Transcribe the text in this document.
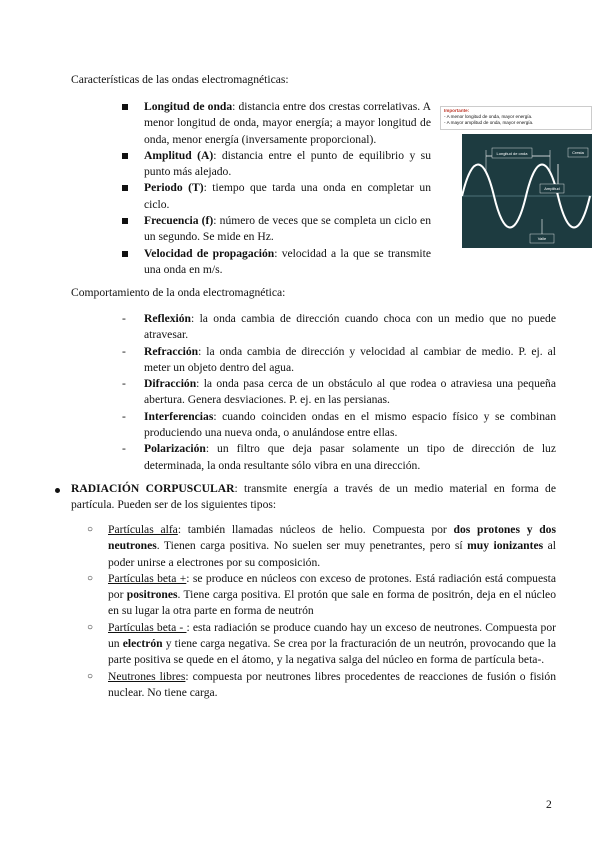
Características de las ondas electromagnéticas:

Longitud de onda: distancia entre dos crestas correlativas. A menor longitud de onda, mayor energía; a mayor longitud de onda, menor energía (inversamente proporcional).
Amplitud (A): distancia entre el punto de equilibrio y su punto más alejado.
Periodo (T): tiempo que tarda una onda en completar un ciclo.
Frecuencia (f): número de veces que se completa un ciclo en un segundo. Se mide en Hz.
Velocidad de propagación: velocidad a la que se transmite una onda en m/s.
Importante:
- A menor longitud de onda, mayor energía.
- A mayor amplitud de onda, mayor energía.
Longitud de onda	Cresta
Amplitud
Valle

Comportamiento de la onda electromagnética:

- Reflexión: la onda cambia de dirección cuando choca con un medio que no puede atravesar.
- Refracción: la onda cambia de dirección y velocidad al cambiar de medio. P. ej. al meter un objeto dentro del agua.
- Difracción: la onda pasa cerca de un obstáculo al que rodea o atraviesa una pequeña abertura. Genera desviaciones. P. ej. en las persianas.
- Interferencias: cuando coinciden ondas en el mismo espacio físico y se combinan produciendo una nueva onda, o anulándose entre ellas.
- Polarización: un filtro que deja pasar solamente un tipo de dirección de luz determinada, la onda resultante sólo vibra en una dirección.

RADIACIÓN CORPUSCULAR: transmite energía a través de un medio material en forma de partícula. Pueden ser de los siguientes tipos:

○ Partículas alfa: también llamadas núcleos de helio. Compuesta por dos protones y dos neutrones. Tienen carga positiva. No suelen ser muy penetrantes, pero sí muy ionizantes al poder unirse a electrones por su composición.
○ Partículas beta +: se produce en núcleos con exceso de protones. Está radiación está compuesta por positrones. Tiene carga positiva. El protón que sale en forma de positrón, deja en el núcleo en su lugar la otra parte en forma de neutrón
○ Partículas beta - : esta radiación se produce cuando hay un exceso de neutrones. Compuesta por un electrón y tiene carga negativa. Se crea por la fracturación de un neutrón, provocando que la parte positiva se quede en el átomo, y la negativa salga del núcleo en forma de partícula beta-.
○ Neutrones libres: compuesta por neutrones libres procedentes de reacciones de fusión o fisión nuclear. No tiene carga.
2
